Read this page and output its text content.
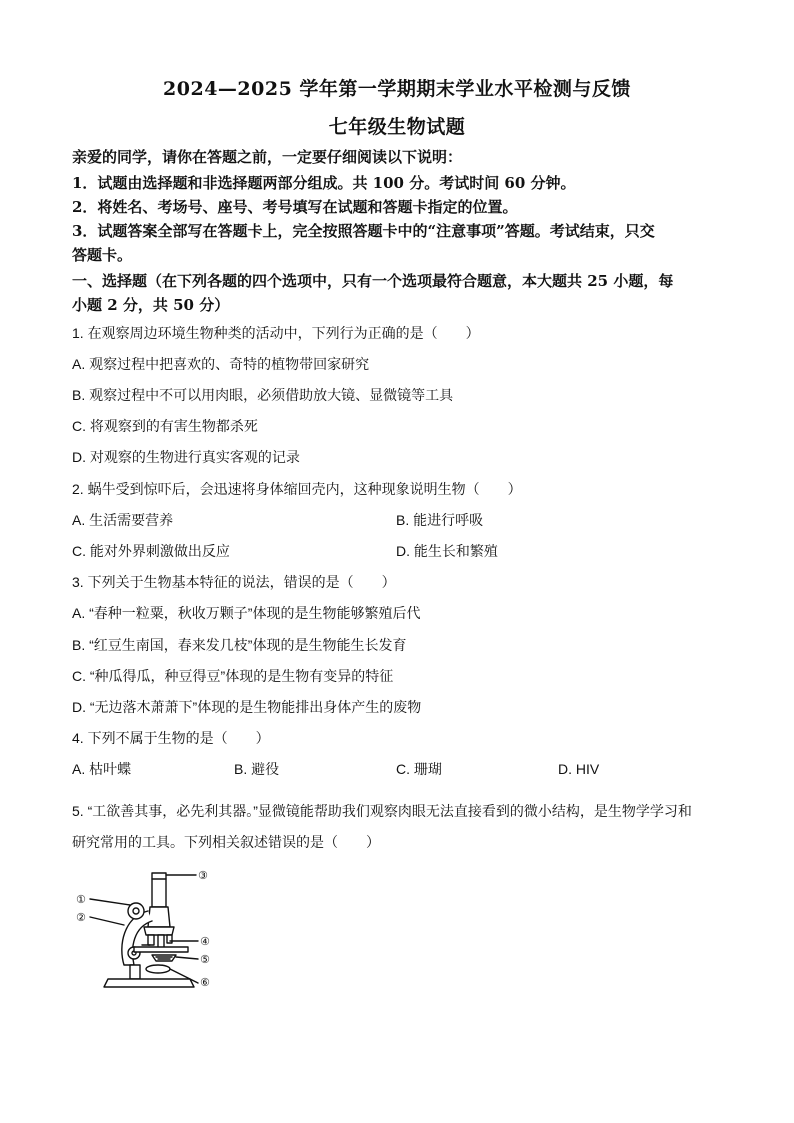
2024—2025 学年第一学期期末学业水平检测与反馈
七年级生物试题
亲爱的同学，请你在答题之前，一定要仔细阅读以下说明：
1．试题由选择题和非选择题两部分组成。共 100 分。考试时间 60 分钟。
2．将姓名、考场号、座号、考号填写在试题和答题卡指定的位置。
3．试题答案全部写在答题卡上，完全按照答题卡中的“注意事项”答题。考试结束，只交
答题卡。
一、选择题（在下列各题的四个选项中，只有一个选项最符合题意，本大题共 25 小题，每
小题 2 分，共 50 分）
1. 在观察周边环境生物种类的活动中，下列行为正确的是（　　）
A. 观察过程中把喜欢的、奇特的植物带回家研究
B. 观察过程中不可以用肉眼，必须借助放大镜、显微镜等工具
C. 将观察到的有害生物都杀死
D. 对观察的生物进行真实客观的记录
2. 蜗牛受到惊吓后，会迅速将身体缩回壳内，这种现象说明生物（　　）
A. 生活需要营养	B. 能进行呼吸
C. 能对外界刺激做出反应	D. 能生长和繁殖
3. 下列关于生物基本特征的说法，错误的是（　　）
A. “春种一粒粟，秋收万颗子”体现的是生物能够繁殖后代
B. “红豆生南国，春来发几枝”体现的是生物能生长发育
C. “种瓜得瓜，种豆得豆”体现的是生物有变异的特征
D. “无边落木萧萧下”体现的是生物能排出身体产生的废物
4. 下列不属于生物的是（　　）
A. 枯叶蝶	B. 避役	C. 珊瑚	D. HIV
5. “工欲善其事，必先利其器。”显微镜能帮助我们观察肉眼无法直接看到的微小结构，是生物学学习和
研究常用的工具。下列相关叙述错误的是（　　）
①
②
③
④
⑤
⑥
